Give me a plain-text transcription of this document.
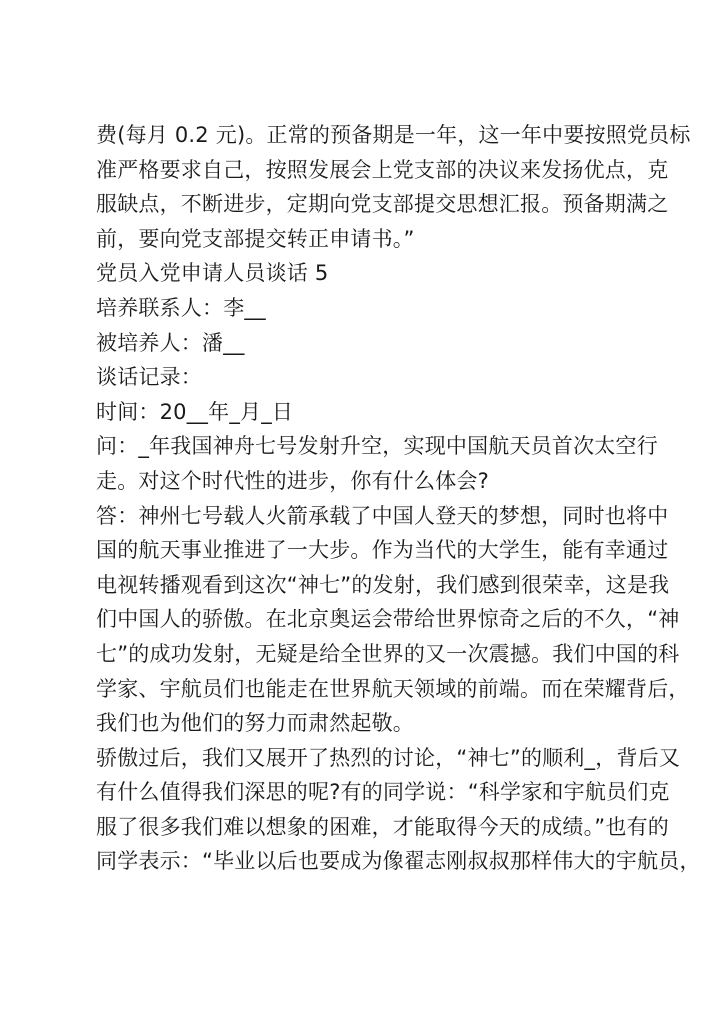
费(每月 0.2 元)。正常的预备期是一年，这一年中要按照党员标
准严格要求自己，按照发展会上党支部的决议来发扬优点，克
服缺点，不断进步，定期向党支部提交思想汇报。预备期满之
前，要向党支部提交转正申请书。”
党员入党申请人员谈话 5
培养联系人：李__
被培养人：潘__
谈话记录：
时间：20__年_月_日
问：_年我国神舟七号发射升空，实现中国航天员首次太空行
走。对这个时代性的进步，你有什么体会?
答：神州七号载人火箭承载了中国人登天的梦想，同时也将中
国的航天事业推进了一大步。作为当代的大学生，能有幸通过
电视转播观看到这次“神七”的发射，我们感到很荣幸，这是我
们中国人的骄傲。在北京奥运会带给世界惊奇之后的不久，“神
七”的成功发射，无疑是给全世界的又一次震撼。我们中国的科
学家、宇航员们也能走在世界航天领域的前端。而在荣耀背后，
我们也为他们的努力而肃然起敬。
骄傲过后，我们又展开了热烈的讨论，“神七”的顺利_，背后又
有什么值得我们深思的呢?有的同学说：“科学家和宇航员们克
服了很多我们难以想象的困难，才能取得今天的成绩。”也有的
同学表示：“毕业以后也要成为像翟志刚叔叔那样伟大的宇航员，
